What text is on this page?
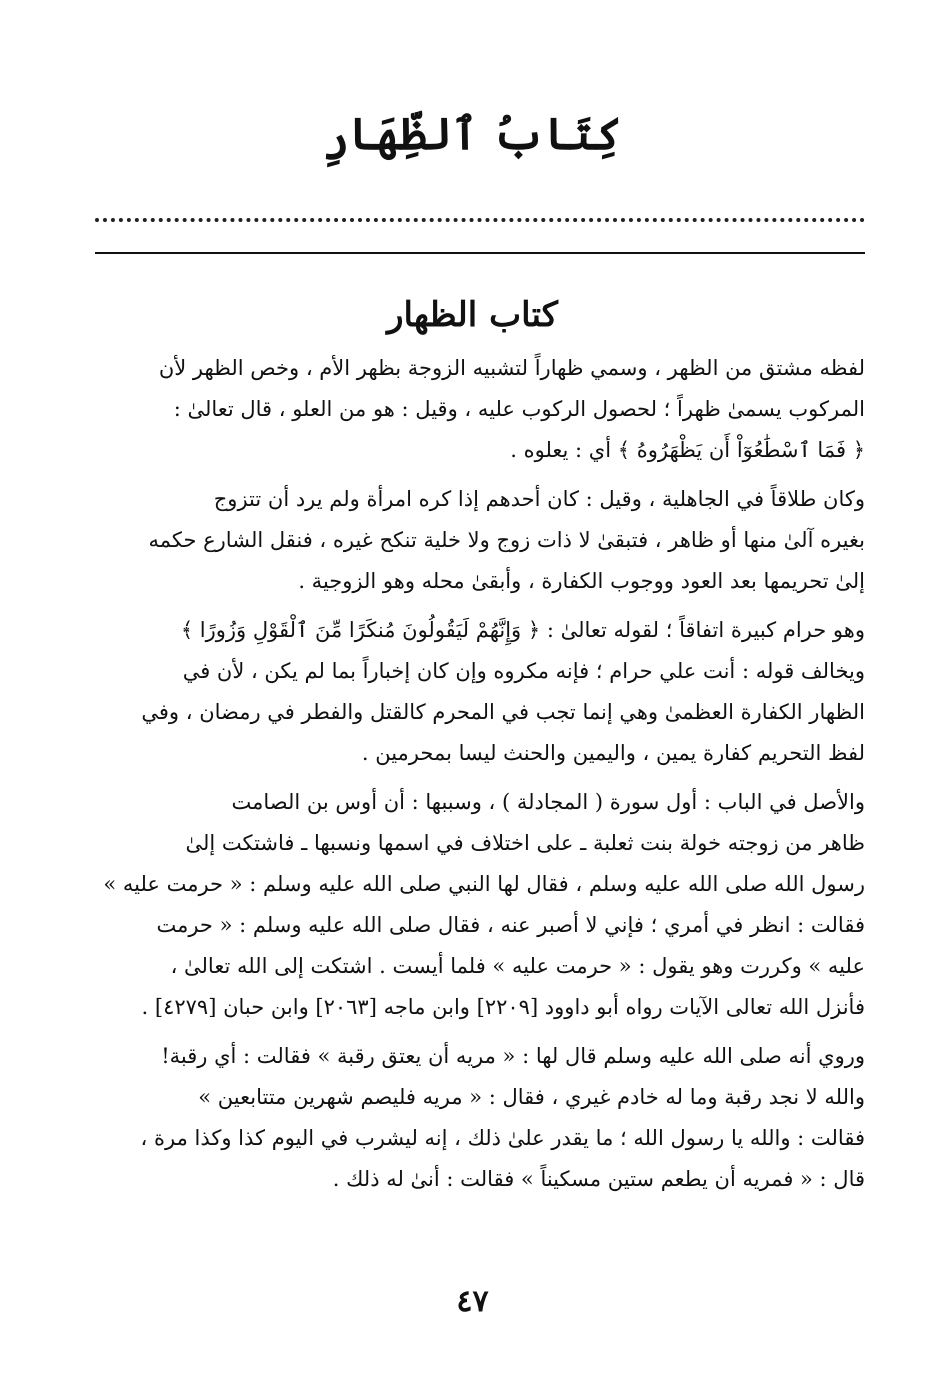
كِتَابُ ٱلظِّهَارِ
كتاب الظهار
لفظه مشتق من الظهر ، وسمي ظهاراً لتشبيه الزوجة بظهر الأم ، وخص الظهر لأن
المركوب يسمىٰ ظهراً ؛ لحصول الركوب عليه ، وقيل : هو من العلو ، قال تعالىٰ :
﴿ فَمَا ٱسْطَٰعُوٓاْ أَن يَظْهَرُوهُ ﴾ أي : يعلوه .
وكان طلاقاً في الجاهلية ، وقيل : كان أحدهم إذا كره امرأة ولم يرد أن تتزوج
بغيره آلىٰ منها أو ظاهر ، فتبقىٰ لا ذات زوج ولا خلية تنكح غيره ، فنقل الشارع حكمه
إلىٰ تحريمها بعد العود ووجوب الكفارة ، وأبقىٰ محله وهو الزوجية .
وهو حرام كبيرة اتفاقاً ؛ لقوله تعالىٰ : ﴿ وَإِنَّهُمْ لَيَقُولُونَ مُنكَرًا مِّنَ ٱلْقَوْلِ وَزُورًا ﴾
ويخالف قوله : أنت علي حرام ؛ فإنه مكروه وإن كان إخباراً بما لم يكن ، لأن في
الظهار الكفارة العظمىٰ وهي إنما تجب في المحرم كالقتل والفطر في رمضان ، وفي
لفظ التحريم كفارة يمين ، واليمين والحنث ليسا بمحرمين .
والأصل في الباب : أول سورة ( المجادلة ) ، وسببها : أن أوس بن الصامت
ظاهر من زوجته خولة بنت ثعلبة ـ على اختلاف في اسمها ونسبها ـ فاشتكت إلىٰ
رسول الله صلى الله عليه وسلم ، فقال لها النبي صلى الله عليه وسلم : « حرمت عليه »
فقالت : انظر في أمري ؛ فإني لا أصبر عنه ، فقال صلى الله عليه وسلم : « حرمت
عليه » وكررت وهو يقول : « حرمت عليه » فلما أيست . اشتكت إلى الله تعالىٰ ،
فأنزل الله تعالى الآيات رواه أبو داوود [٢٢٠٩] وابن ماجه [٢٠٦٣] وابن حبان [٤٢٧٩] .
وروي أنه صلى الله عليه وسلم قال لها : « مريه أن يعتق رقبة » فقالت : أي رقبة!
والله لا نجد رقبة وما له خادم غيري ، فقال : « مريه فليصم شهرين متتابعين »
فقالت : والله يا رسول الله ؛ ما يقدر علىٰ ذلك ، إنه ليشرب في اليوم كذا وكذا مرة ،
قال : « فمريه أن يطعم ستين مسكيناً » فقالت : أنىٰ له ذلك .
٤٧
